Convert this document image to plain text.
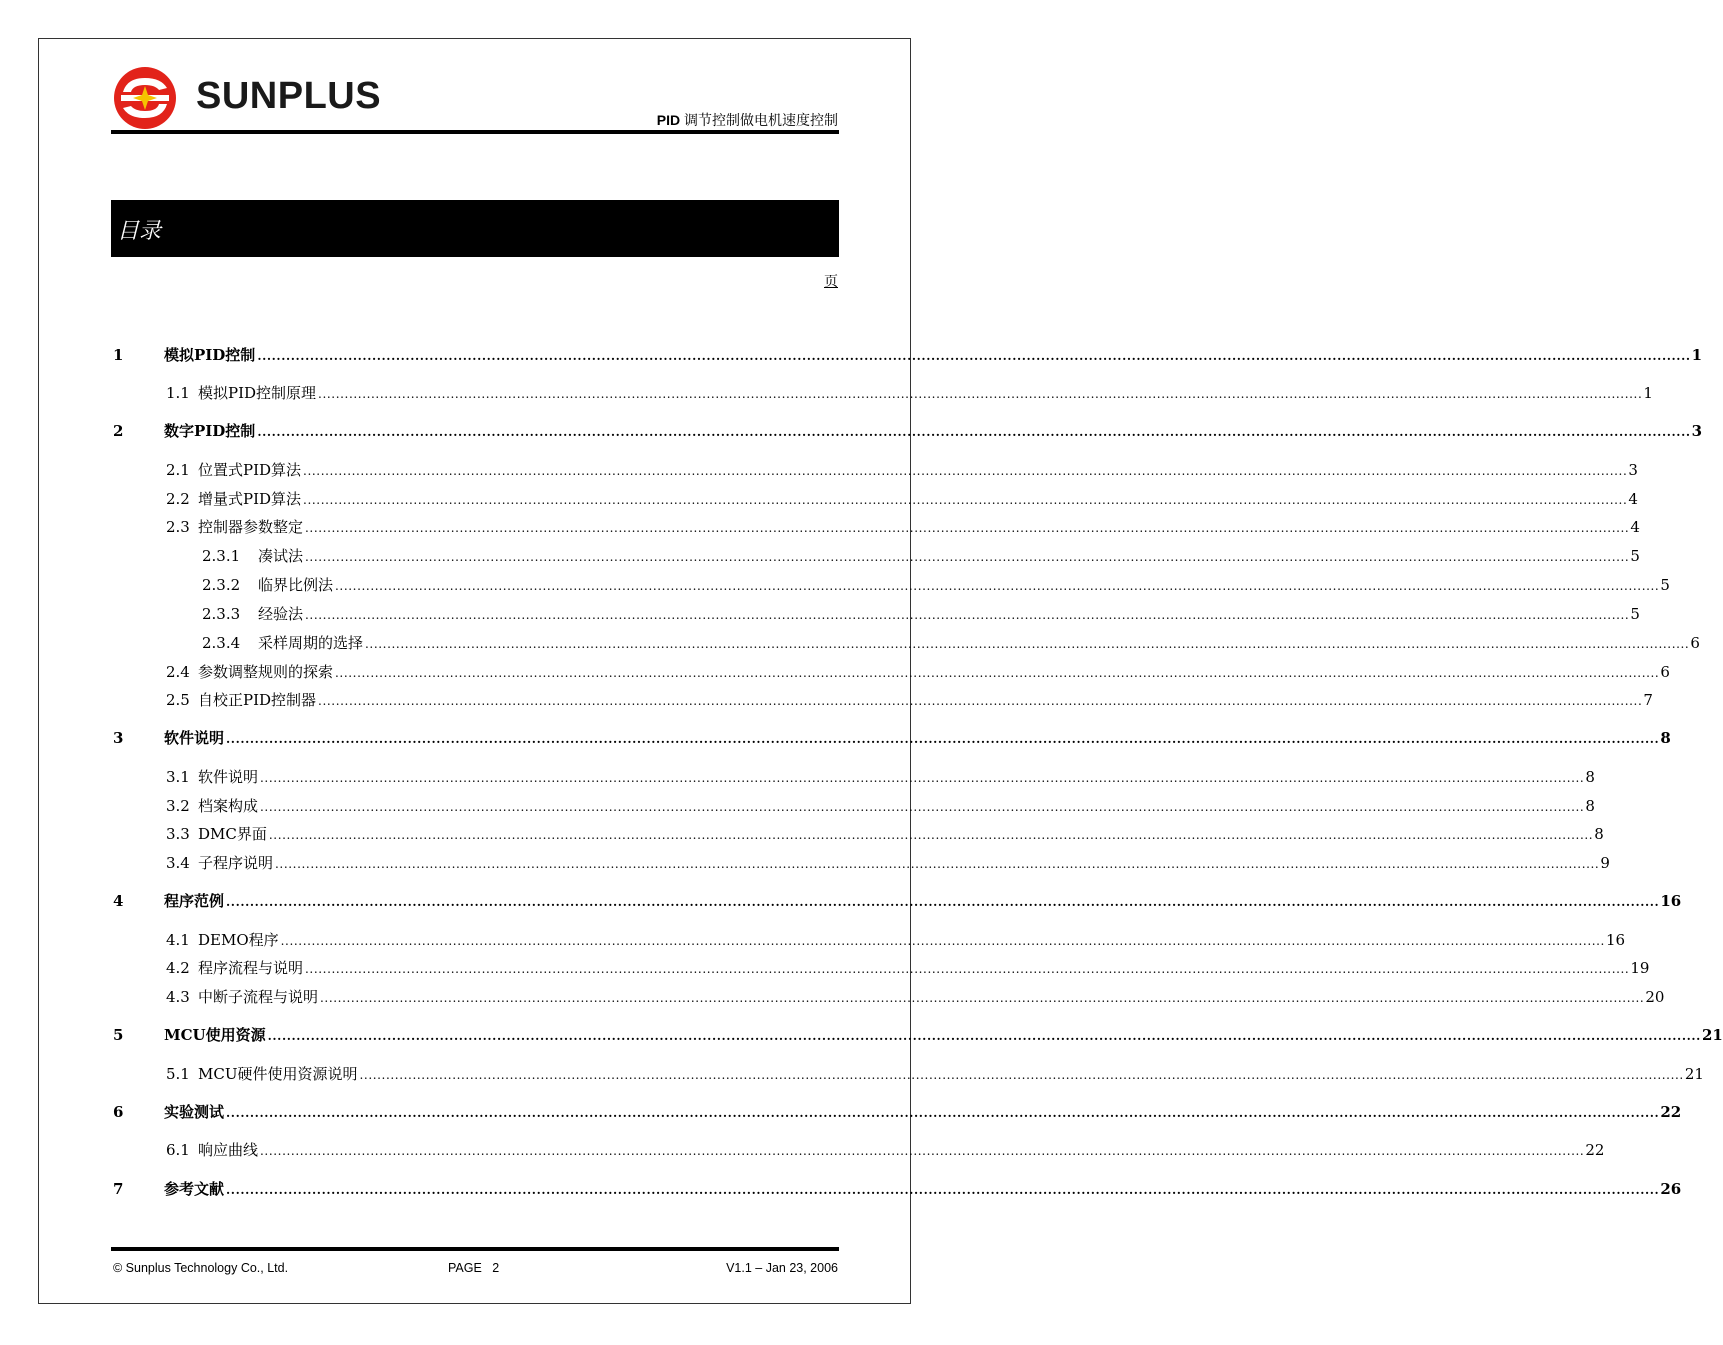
SUNPLUS
PID 调节控制做电机速度控制
目录
页
1	模拟PID控制 ............................................................................................................................................................................................................................................................................................................ 1
1.1 模拟PID控制原理 ............................................................................................................................................................................................................................................................................................................ 1
2	数字PID控制 ............................................................................................................................................................................................................................................................................................................ 3
2.1 位置式PID算法 ............................................................................................................................................................................................................................................................................................................ 3
2.2 增量式PID算法 ............................................................................................................................................................................................................................................................................................................ 4
2.3 控制器参数整定 ............................................................................................................................................................................................................................................................................................................ 4
2.3.1 凑试法 ............................................................................................................................................................................................................................................................................................................ 5
2.3.2 临界比例法 ............................................................................................................................................................................................................................................................................................................ 5
2.3.3 经验法 ............................................................................................................................................................................................................................................................................................................ 5
2.3.4 采样周期的选择 ............................................................................................................................................................................................................................................................................................................ 6
2.4 参数调整规则的探索 ............................................................................................................................................................................................................................................................................................................ 6
2.5 自校正PID控制器 ............................................................................................................................................................................................................................................................................................................ 7
3	软件说明 ............................................................................................................................................................................................................................................................................................................ 8
3.1 软件说明 ............................................................................................................................................................................................................................................................................................................ 8
3.2 档案构成 ............................................................................................................................................................................................................................................................................................................ 8
3.3 DMC界面 ............................................................................................................................................................................................................................................................................................................ 8
3.4 子程序说明 ............................................................................................................................................................................................................................................................................................................ 9
4	程序范例 ............................................................................................................................................................................................................................................................................................................ 16
4.1 DEMO程序 ............................................................................................................................................................................................................................................................................................................ 16
4.2 程序流程与说明 ............................................................................................................................................................................................................................................................................................................ 19
4.3 中断子流程与说明 ............................................................................................................................................................................................................................................................................................................ 20
5	MCU使用资源 ............................................................................................................................................................................................................................................................................................................ 21
5.1 MCU硬件使用资源说明 ............................................................................................................................................................................................................................................................................................................ 21
6	实验测试 ............................................................................................................................................................................................................................................................................................................ 22
6.1 响应曲线 ............................................................................................................................................................................................................................................................................................................ 22
7	参考文献 ............................................................................................................................................................................................................................................................................................................ 26
© Sunplus Technology Co., Ltd.	PAGE   2	V1.1 – Jan 23, 2006
